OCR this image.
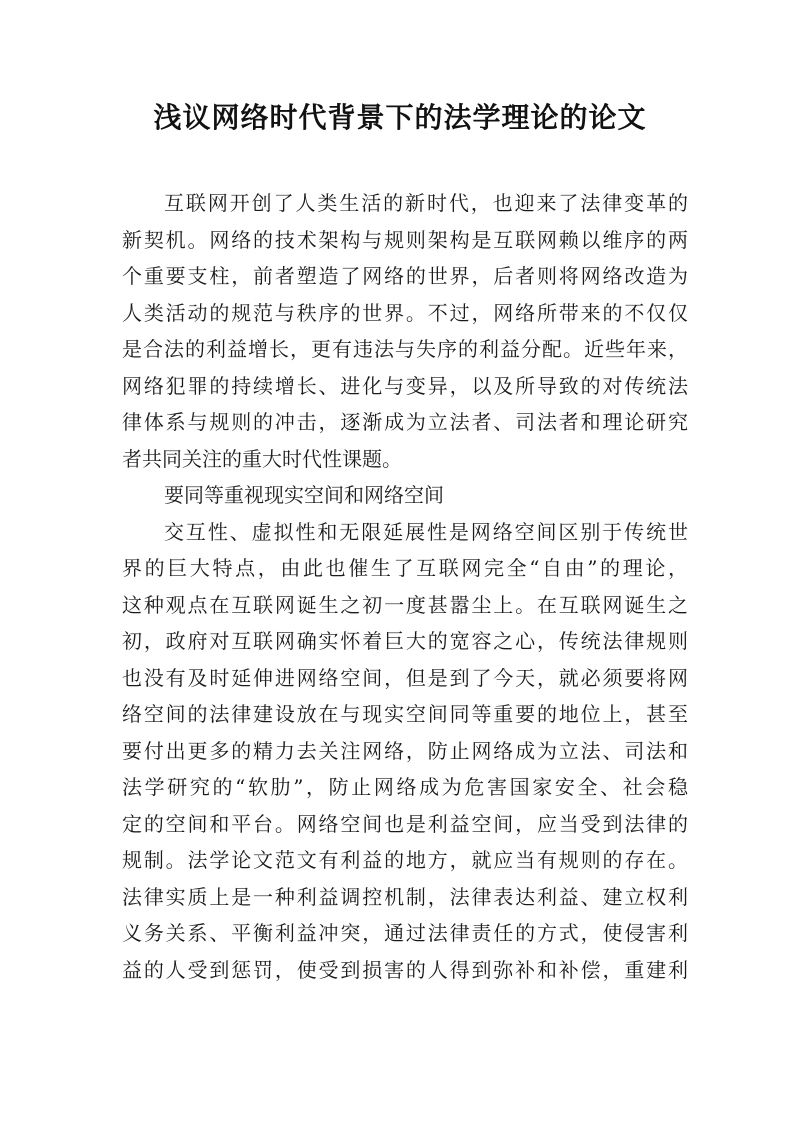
浅议网络时代背景下的法学理论的论文
互联网开创了人类生活的新时代，也迎来了法律变革的
新契机。网络的技术架构与规则架构是互联网赖以维序的两
个重要支柱，前者塑造了网络的世界，后者则将网络改造为
人类活动的规范与秩序的世界。不过，网络所带来的不仅仅
是合法的利益增长，更有违法与失序的利益分配。近些年来，
网络犯罪的持续增长、进化与变异，以及所导致的对传统法
律体系与规则的冲击，逐渐成为立法者、司法者和理论研究
者共同关注的重大时代性课题。
要同等重视现实空间和网络空间
交互性、虚拟性和无限延展性是网络空间区别于传统世
界的巨大特点，由此也催生了互联网完全“自由”的理论，
这种观点在互联网诞生之初一度甚嚣尘上。在互联网诞生之
初，政府对互联网确实怀着巨大的宽容之心，传统法律规则
也没有及时延伸进网络空间，但是到了今天，就必须要将网
络空间的法律建设放在与现实空间同等重要的地位上，甚至
要付出更多的精力去关注网络，防止网络成为立法、司法和
法学研究的“软肋”，防止网络成为危害国家安全、社会稳
定的空间和平台。网络空间也是利益空间，应当受到法律的
规制。法学论文范文有利益的地方，就应当有规则的存在。
法律实质上是一种利益调控机制，法律表达利益、建立权利
义务关系、平衡利益冲突，通过法律责任的方式，使侵害利
益的人受到惩罚，使受到损害的人得到弥补和补偿，重建利
